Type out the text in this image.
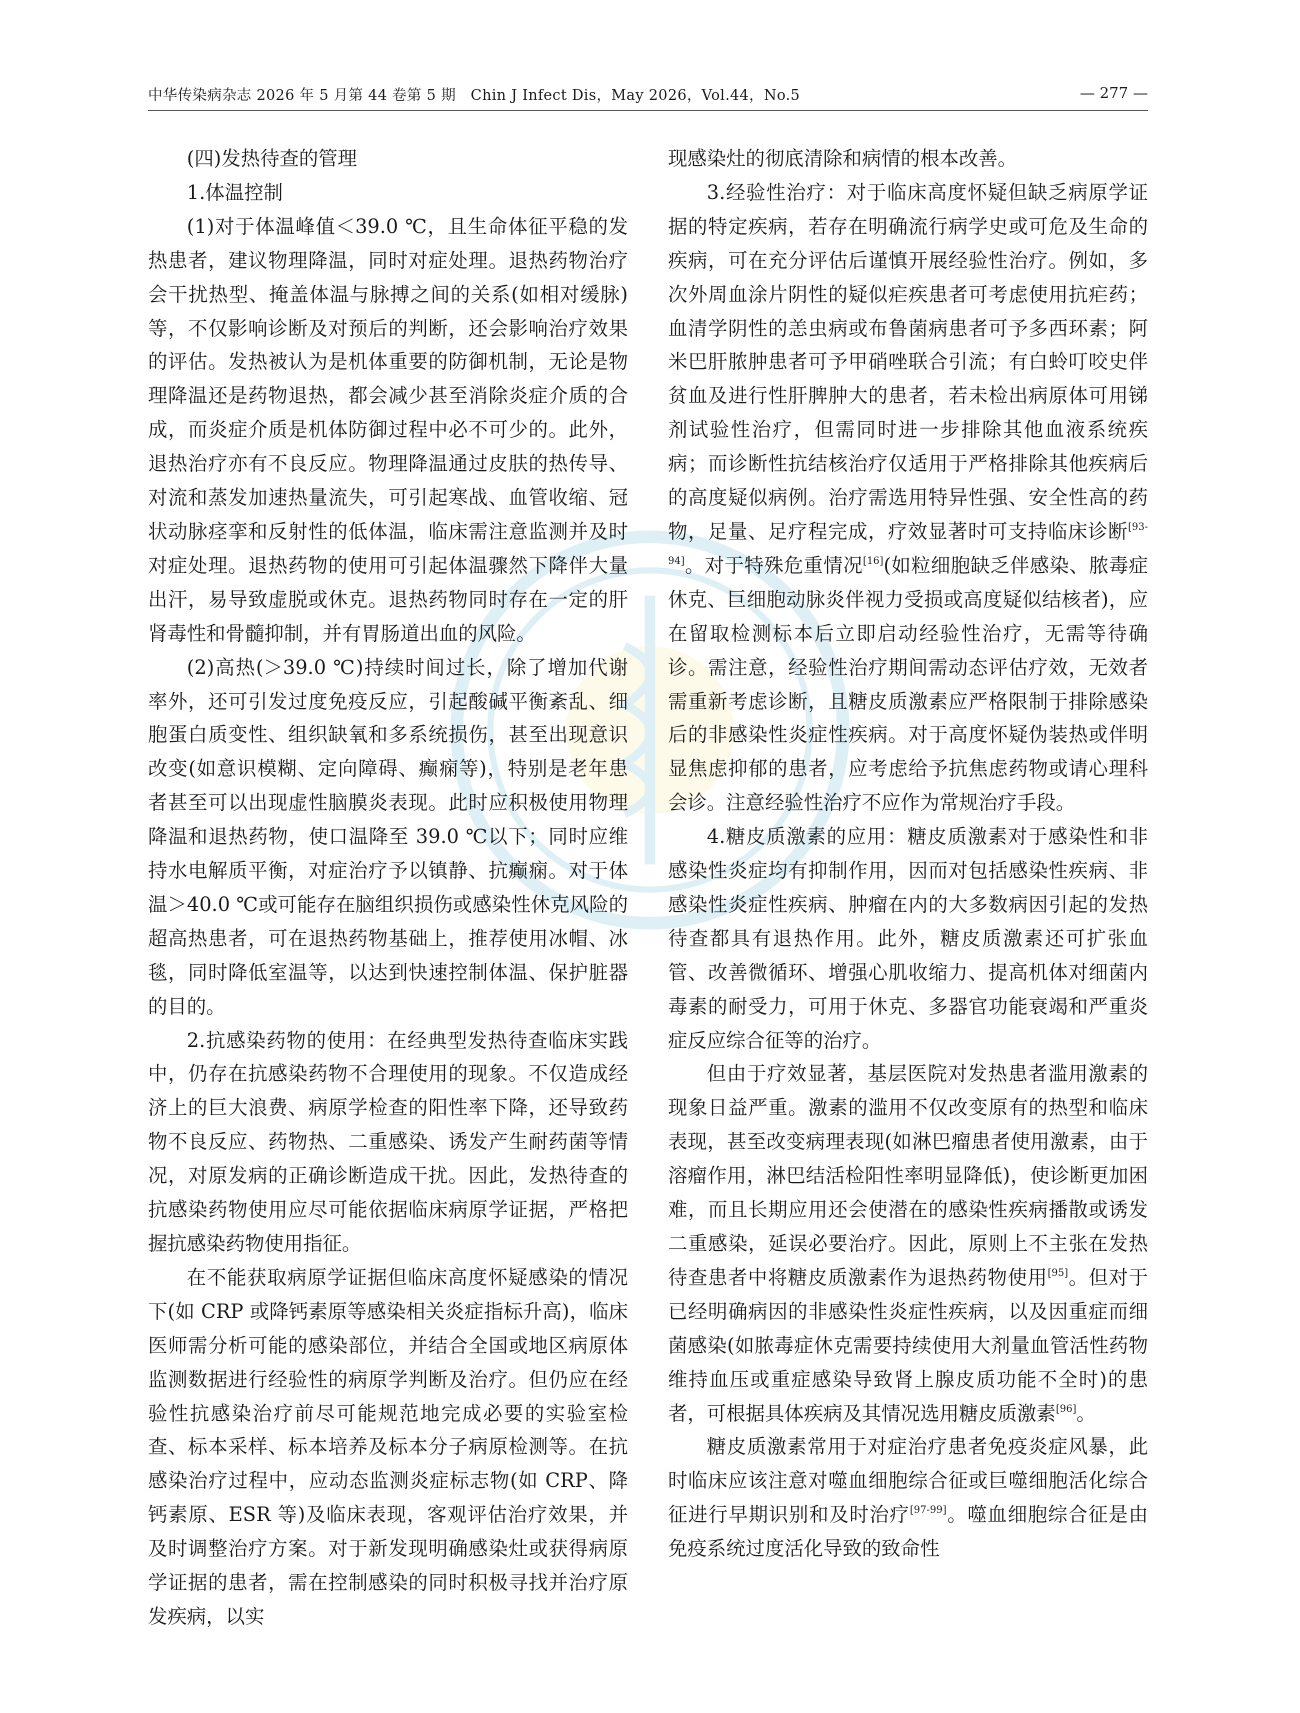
中华传染病杂志 2026 年 5 月第 44 卷第 5 期　Chin J Infect Dis，May 2026，Vol.44，No.5	— 277 —

(四)发热待查的管理

1.体温控制

(1)对于体温峰值＜39.0 ℃，且生命体征平稳的发热患者，建议物理降温，同时对症处理。退热药物治疗会干扰热型、掩盖体温与脉搏之间的关系(如相对缓脉)等，不仅影响诊断及对预后的判断，还会影响治疗效果的评估。发热被认为是机体重要的防御机制，无论是物理降温还是药物退热，都会减少甚至消除炎症介质的合成，而炎症介质是机体防御过程中必不可少的。此外，退热治疗亦有不良反应。物理降温通过皮肤的热传导、对流和蒸发加速热量流失，可引起寒战、血管收缩、冠状动脉痉挛和反射性的低体温，临床需注意监测并及时对症处理。退热药物的使用可引起体温骤然下降伴大量出汗，易导致虚脱或休克。退热药物同时存在一定的肝肾毒性和骨髓抑制，并有胃肠道出血的风险。

(2)高热(＞39.0 ℃)持续时间过长，除了增加代谢率外，还可引发过度免疫反应，引起酸碱平衡紊乱、细胞蛋白质变性、组织缺氧和多系统损伤，甚至出现意识改变(如意识模糊、定向障碍、癫痫等)，特别是老年患者甚至可以出现虚性脑膜炎表现。此时应积极使用物理降温和退热药物，使口温降至 39.0 ℃以下；同时应维持水电解质平衡，对症治疗予以镇静、抗癫痫。对于体温＞40.0 ℃或可能存在脑组织损伤或感染性休克风险的超高热患者，可在退热药物基础上，推荐使用冰帽、冰毯，同时降低室温等，以达到快速控制体温、保护脏器的目的。

2.抗感染药物的使用：在经典型发热待查临床实践中，仍存在抗感染药物不合理使用的现象。不仅造成经济上的巨大浪费、病原学检查的阳性率下降，还导致药物不良反应、药物热、二重感染、诱发产生耐药菌等情况，对原发病的正确诊断造成干扰。因此，发热待查的抗感染药物使用应尽可能依据临床病原学证据，严格把握抗感染药物使用指征。

在不能获取病原学证据但临床高度怀疑感染的情况下(如 CRP 或降钙素原等感染相关炎症指标升高)，临床医师需分析可能的感染部位，并结合全国或地区病原体监测数据进行经验性的病原学判断及治疗。但仍应在经验性抗感染治疗前尽可能规范地完成必要的实验室检查、标本采样、标本培养及标本分子病原检测等。在抗感染治疗过程中，应动态监测炎症标志物(如 CRP、降钙素原、ESR 等)及临床表现，客观评估治疗效果，并及时调整治疗方案。对于新发现明确感染灶或获得病原学证据的患者，需在控制感染的同时积极寻找并治疗原发疾病，以实

现感染灶的彻底清除和病情的根本改善。

3.经验性治疗：对于临床高度怀疑但缺乏病原学证据的特定疾病，若存在明确流行病学史或可危及生命的疾病，可在充分评估后谨慎开展经验性治疗。例如，多次外周血涂片阴性的疑似疟疾患者可考虑使用抗疟药；血清学阴性的恙虫病或布鲁菌病患者可予多西环素；阿米巴肝脓肿患者可予甲硝唑联合引流；有白蛉叮咬史伴贫血及进行性肝脾肿大的患者，若未检出病原体可用锑剂试验性治疗，但需同时进一步排除其他血液系统疾病；而诊断性抗结核治疗仅适用于严格排除其他疾病后的高度疑似病例。治疗需选用特异性强、安全性高的药物，足量、足疗程完成，疗效显著时可支持临床诊断[93-94]。对于特殊危重情况[16](如粒细胞缺乏伴感染、脓毒症休克、巨细胞动脉炎伴视力受损或高度疑似结核者)，应在留取检测标本后立即启动经验性治疗，无需等待确诊。需注意，经验性治疗期间需动态评估疗效，无效者需重新考虑诊断，且糖皮质激素应严格限制于排除感染后的非感染性炎症性疾病。对于高度怀疑伪装热或伴明显焦虑抑郁的患者，应考虑给予抗焦虑药物或请心理科会诊。注意经验性治疗不应作为常规治疗手段。

4.糖皮质激素的应用：糖皮质激素对于感染性和非感染性炎症均有抑制作用，因而对包括感染性疾病、非感染性炎症性疾病、肿瘤在内的大多数病因引起的发热待查都具有退热作用。此外，糖皮质激素还可扩张血管、改善微循环、增强心肌收缩力、提高机体对细菌内毒素的耐受力，可用于休克、多器官功能衰竭和严重炎症反应综合征等的治疗。

但由于疗效显著，基层医院对发热患者滥用激素的现象日益严重。激素的滥用不仅改变原有的热型和临床表现，甚至改变病理表现(如淋巴瘤患者使用激素，由于溶瘤作用，淋巴结活检阳性率明显降低)，使诊断更加困难，而且长期应用还会使潜在的感染性疾病播散或诱发二重感染，延误必要治疗。因此，原则上不主张在发热待查患者中将糖皮质激素作为退热药物使用[95]。但对于已经明确病因的非感染性炎症性疾病，以及因重症而细菌感染(如脓毒症休克需要持续使用大剂量血管活性药物维持血压或重症感染导致肾上腺皮质功能不全时)的患者，可根据具体疾病及其情况选用糖皮质激素[96]。

糖皮质激素常用于对症治疗患者免疫炎症风暴，此时临床应该注意对噬血细胞综合征或巨噬细胞活化综合征进行早期识别和及时治疗[97-99]。噬血细胞综合征是由免疫系统过度活化导致的致命性
